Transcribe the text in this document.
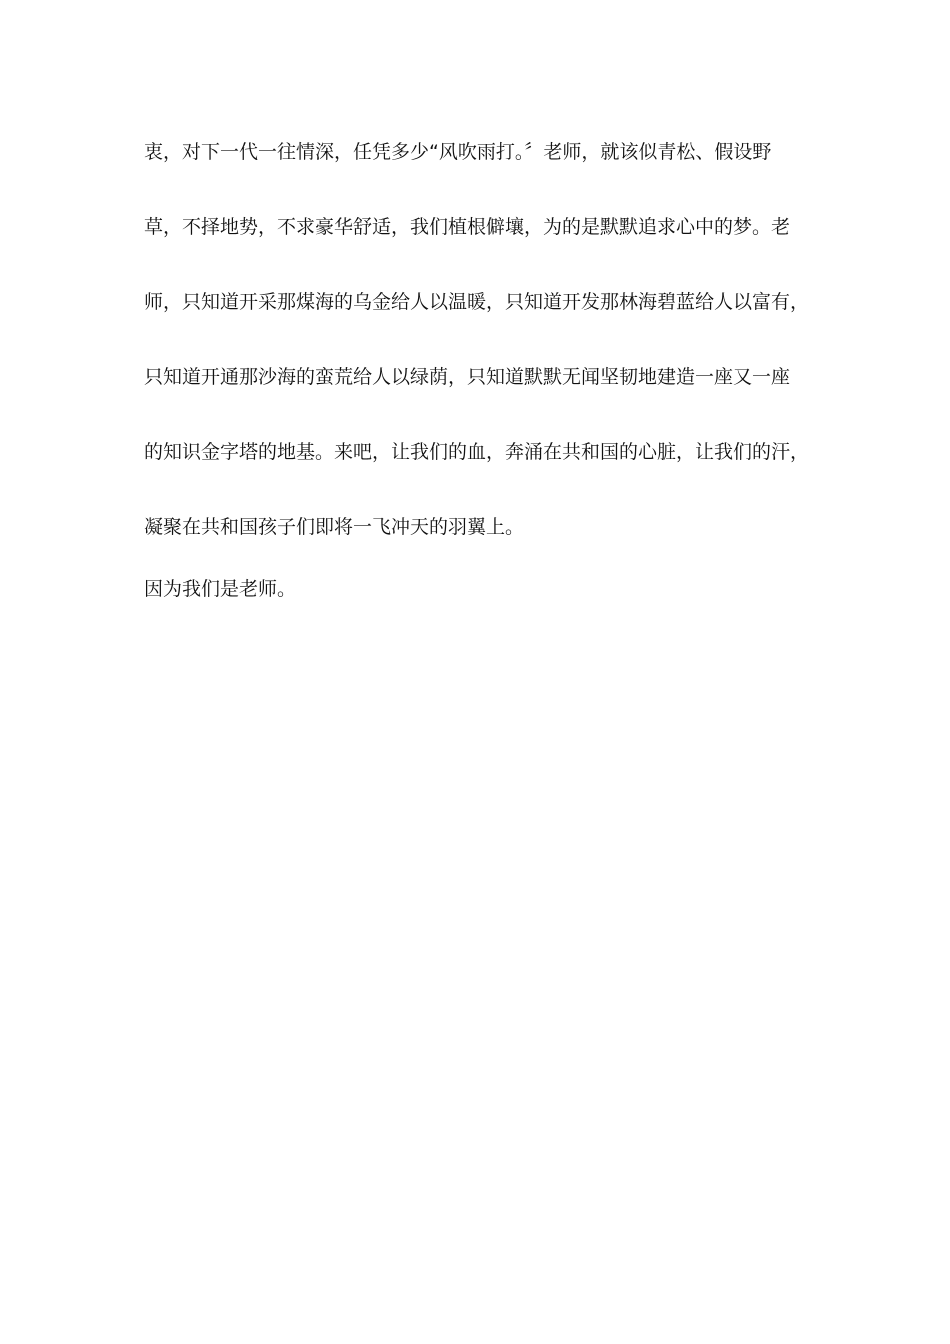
衷，对下一代一往情深，任凭多少“风吹雨打。〞老师，就该似青松、假设野
草，不择地势，不求豪华舒适，我们植根僻壤，为的是默默追求心中的梦。老
师，只知道开采那煤海的乌金给人以温暖，只知道开发那林海碧蓝给人以富有，
只知道开通那沙海的蛮荒给人以绿荫，只知道默默无闻坚韧地建造一座又一座
的知识金字塔的地基。来吧，让我们的血，奔涌在共和国的心脏，让我们的汗，
凝聚在共和国孩子们即将一飞冲天的羽翼上。
因为我们是老师。
